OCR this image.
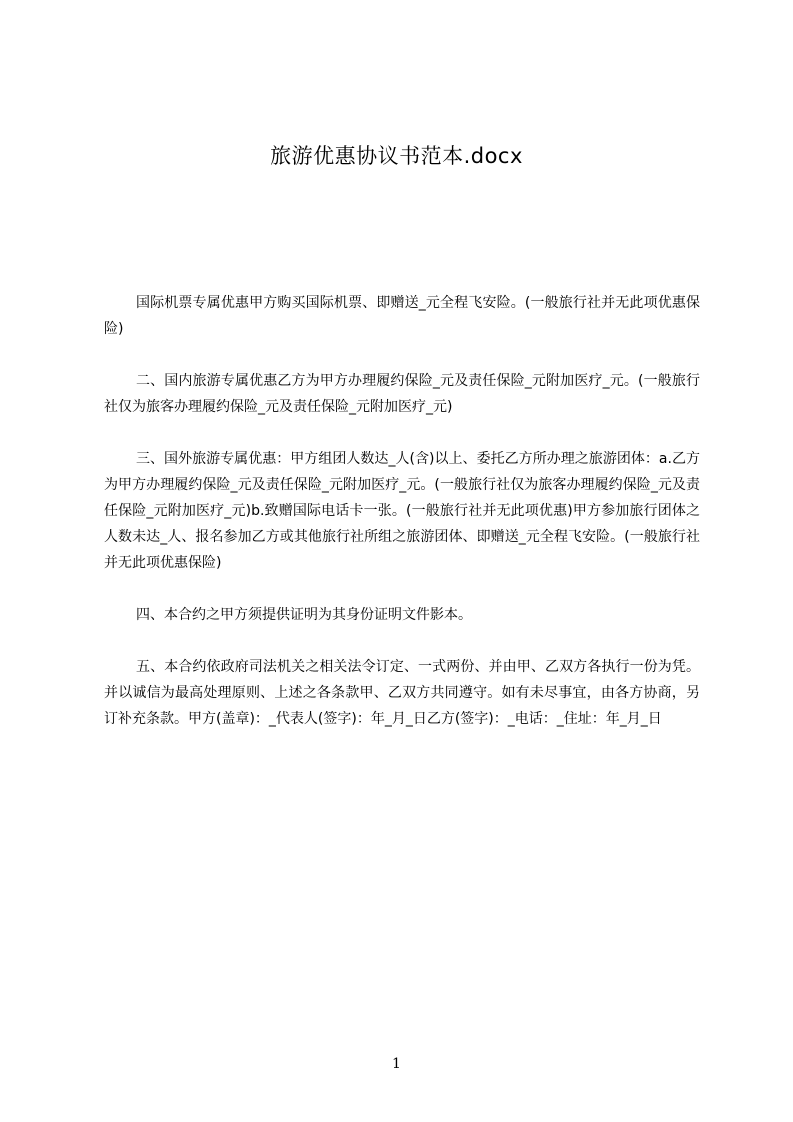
旅游优惠协议书范本.docx

国际机票专属优惠甲方购买国际机票、即赠送_元全程飞安险。(一般旅行社并无此项优惠保险)

二、国内旅游专属优惠乙方为甲方办理履约保险_元及责任保险_元附加医疗_元。(一般旅行社仅为旅客办理履约保险_元及责任保险_元附加医疗_元)

三、国外旅游专属优惠：甲方组团人数达_人(含)以上、委托乙方所办理之旅游团体：a.乙方为甲方办理履约保险_元及责任保险_元附加医疗_元。(一般旅行社仅为旅客办理履约保险_元及责任保险_元附加医疗_元)b.致赠国际电话卡一张。(一般旅行社并无此项优惠)甲方参加旅行团体之人数未达_人、报名参加乙方或其他旅行社所组之旅游团体、即赠送_元全程飞安险。(一般旅行社并无此项优惠保险)

四、本合约之甲方须提供证明为其身份证明文件影本。

五、本合约依政府司法机关之相关法令订定、一式两份、并由甲、乙双方各执行一份为凭。并以诚信为最高处理原则、上述之各条款甲、乙双方共同遵守。如有未尽事宜，由各方协商，另订补充条款。甲方(盖章)：_代表人(签字)：年_月_日乙方(签字)：_电话：_住址：年_月_日

1
